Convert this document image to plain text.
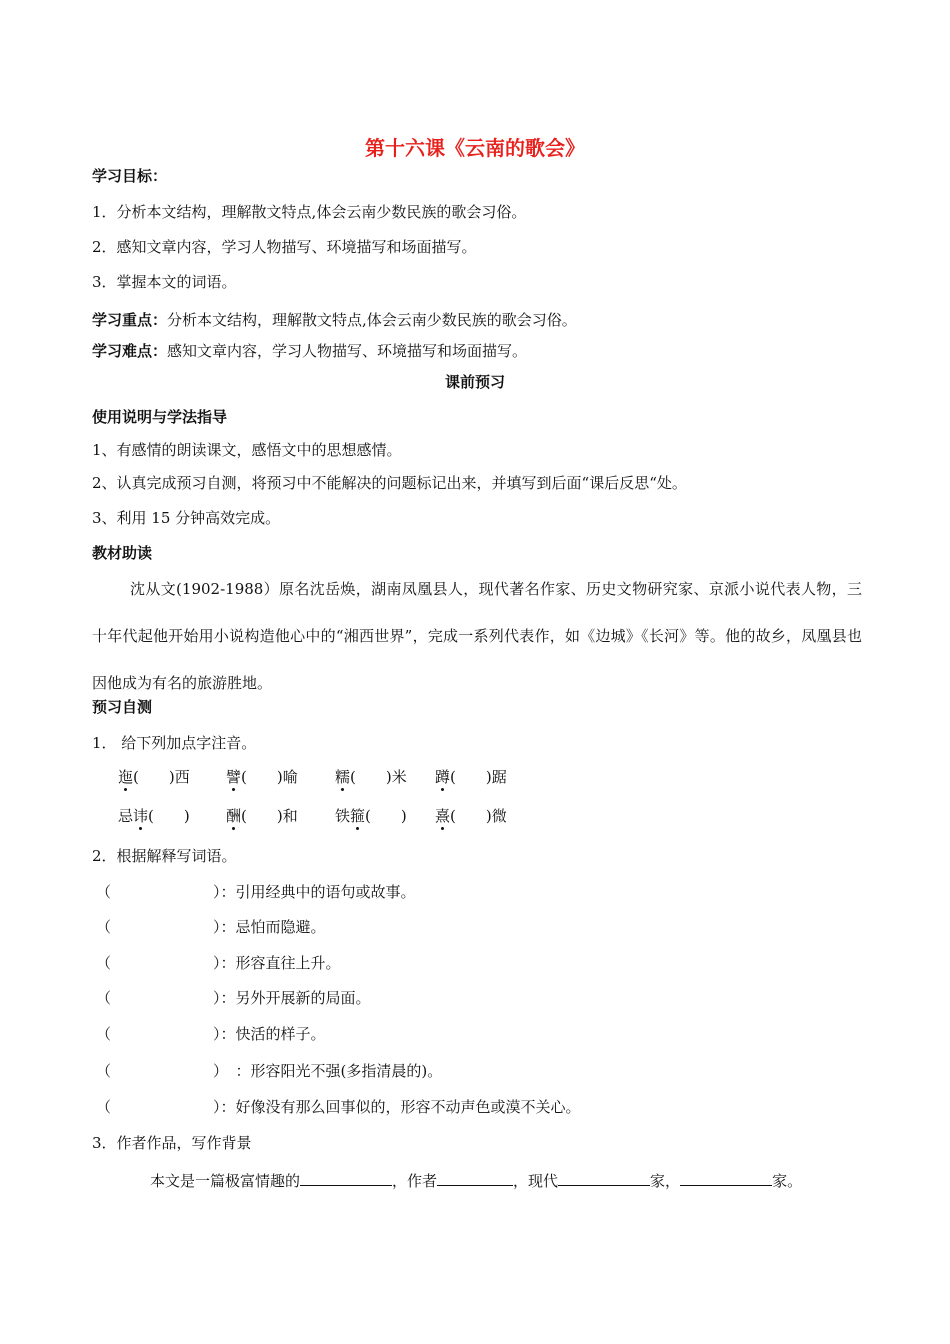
第十六课《云南的歌会》
学习目标：
1．分析本文结构，理解散文特点,体会云南少数民族的歌会习俗。
2．感知文章内容，学习人物描写、环境描写和场面描写。
3．掌握本文的词语。
学习重点：分析本文结构，理解散文特点,体会云南少数民族的歌会习俗。
学习难点：感知文章内容，学习人物描写、环境描写和场面描写。
课前预习
使用说明与学法指导
1、有感情的朗读课文，感悟文中的思想感情。
2、认真完成预习自测，将预习中不能解决的问题标记出来，并填写到后面“课后反思“处。
3、利用 15 分钟高效完成。
教材助读
沈从文(1902-1988）原名沈岳焕，湖南凤凰县人，现代著名作家、历史文物研究家、京派小说代表人物，三十年代起他开始用小说构造他心中的“湘西世界”，完成一系列代表作，如《边城》《长河》等。他的故乡，凤凰县也因他成为有名的旅游胜地。
预习自测
1． 给下列加点字注音。
迤(　　)西 譬(　　)喻 糯(　　)米 蹲(　　)踞
忌讳(　　) 酬(　　)和 铁箍(　　) 熹(　　)微
2．根据解释写词语。
（	）：引用经典中的语句或故事。
（	）：忌怕而隐避。
（	）：形容直往上升。
（	）：另外开展新的局面。
（	）：快活的样子。
（	）　：形容阳光不强(多指清晨的)。
（	）：好像没有那么回事似的，形容不动声色或漠不关心。
3．作者作品，写作背景
本文是一篇极富情趣的	，作者	，现代	家，	家。
